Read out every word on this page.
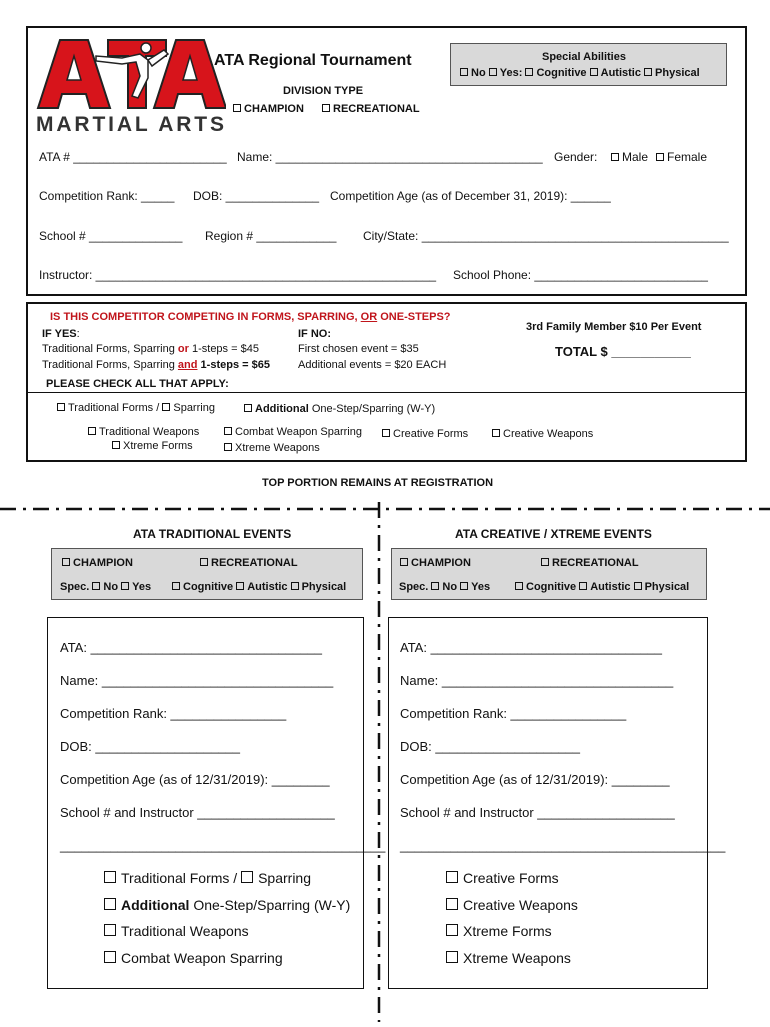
MARTIAL ARTS
ATA Regional Tournament
DIVISION TYPE
CHAMPION	RECREATIONAL
Special Abilities
No Yes: Cognitive Autistic Physical
ATA # _______________________ Name: ________________________________________ Gender:	Male	Female
Competition Rank: _____ DOB: ______________ Competition Age (as of December 31, 2019): ______
School # ______________ Region # ____________ City/State: ______________________________________________
Instructor: ___________________________________________________ School Phone: __________________________
IS THIS COMPETITOR COMPETING IN FORMS, SPARRING, OR ONE-STEPS?
IF YES:
Traditional Forms, Sparring or 1-steps = $45
Traditional Forms, Sparring and 1-steps = $65
IF NO:
First chosen event = $35
Additional events = $20 EACH
3rd Family Member $10 Per Event
TOTAL $ ___________
PLEASE CHECK ALL THAT APPLY:
Traditional Forms / Sparring	Additional One-Step/Sparring (W-Y)
Traditional Weapons
Xtreme Forms
Combat Weapon Sparring
Xtreme Weapons
Creative Forms	Creative Weapons
TOP PORTION REMAINS AT REGISTRATION
ATA TRADITIONAL EVENTS
CHAMPION	RECREATIONAL
Spec. No Yes	Cognitive Autistic Physical
ATA: ________________________________
Name: ________________________________
Competition Rank: ________________
DOB: ____________________
Competition Age (as of 12/31/2019): ________
School # and Instructor ___________________
_____________________________________________
Traditional Forms / Sparring
Additional One-Step/Sparring (W-Y)
Traditional Weapons
Combat Weapon Sparring
ATA CREATIVE / XTREME EVENTS
CHAMPION	RECREATIONAL
Spec. No Yes	Cognitive Autistic Physical
ATA: ________________________________
Name: ________________________________
Competition Rank: ________________
DOB: ____________________
Competition Age (as of 12/31/2019): ________
School # and Instructor ___________________
_____________________________________________
Creative Forms
Creative Weapons
Xtreme Forms
Xtreme Weapons
